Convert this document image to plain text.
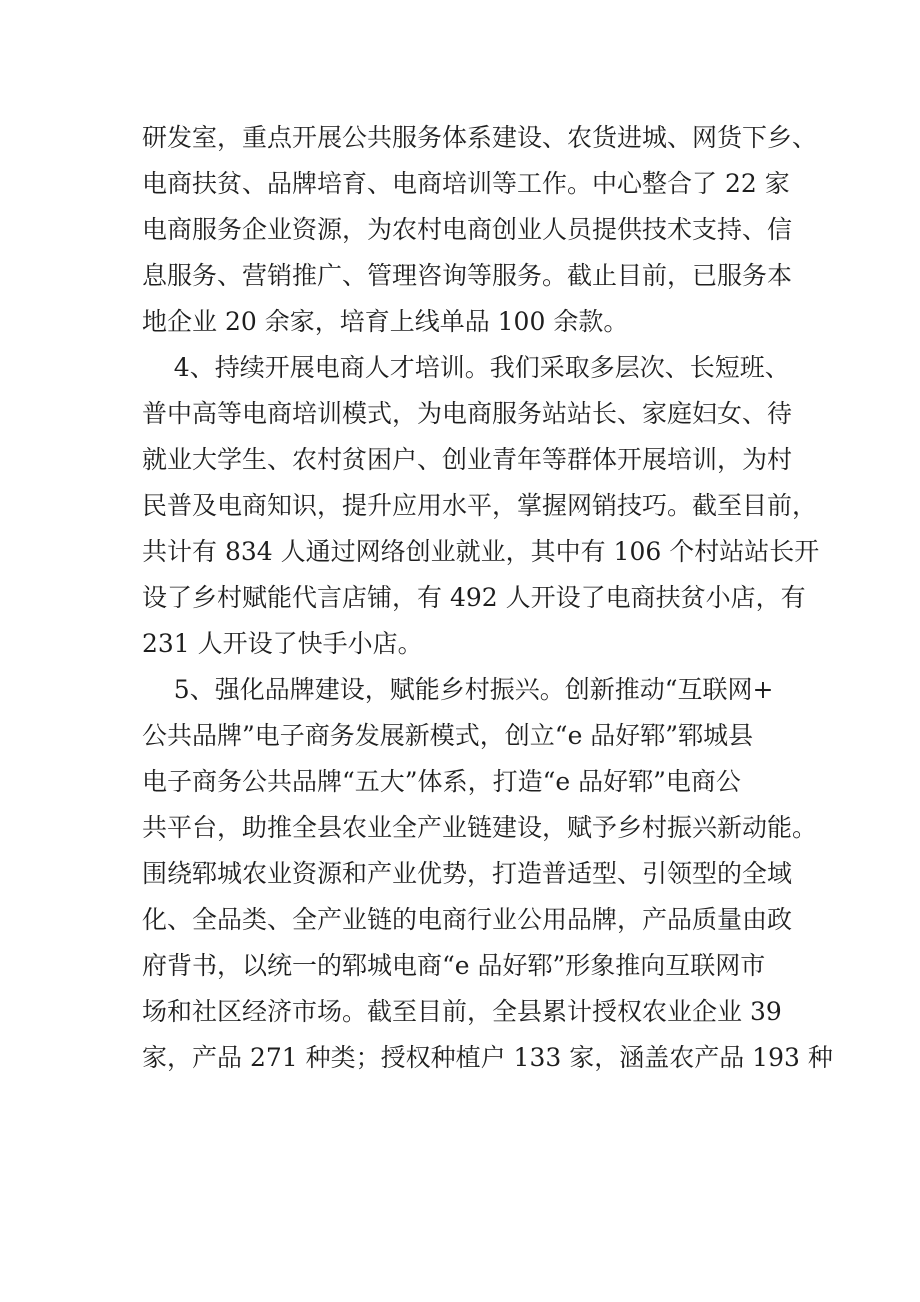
研发室，重点开展公共服务体系建设、农货进城、网货下乡、
电商扶贫、品牌培育、电商培训等工作。中心整合了 22 家
电商服务企业资源，为农村电商创业人员提供技术支持、信
息服务、营销推广、管理咨询等服务。截止目前，已服务本
地企业 20 余家，培育上线单品 100 余款。
4、持续开展电商人才培训。我们采取多层次、长短班、
普中高等电商培训模式，为电商服务站站长、家庭妇女、待
就业大学生、农村贫困户、创业青年等群体开展培训，为村
民普及电商知识，提升应用水平，掌握网销技巧。截至目前，
共计有 834 人通过网络创业就业，其中有 106 个村站站长开
设了乡村赋能代言店铺，有 492 人开设了电商扶贫小店，有
231 人开设了快手小店。
5、强化品牌建设，赋能乡村振兴。创新推动“互联网+
公共品牌”电子商务发展新模式，创立“e 品好郓”郓城县
电子商务公共品牌“五大”体系，打造“e 品好郓”电商公
共平台，助推全县农业全产业链建设，赋予乡村振兴新动能。
围绕郓城农业资源和产业优势，打造普适型、引领型的全域
化、全品类、全产业链的电商行业公用品牌，产品质量由政
府背书，以统一的郓城电商“e 品好郓”形象推向互联网市
场和社区经济市场。截至目前，全县累计授权农业企业 39
家，产品 271 种类；授权种植户 133 家，涵盖农产品 193 种
